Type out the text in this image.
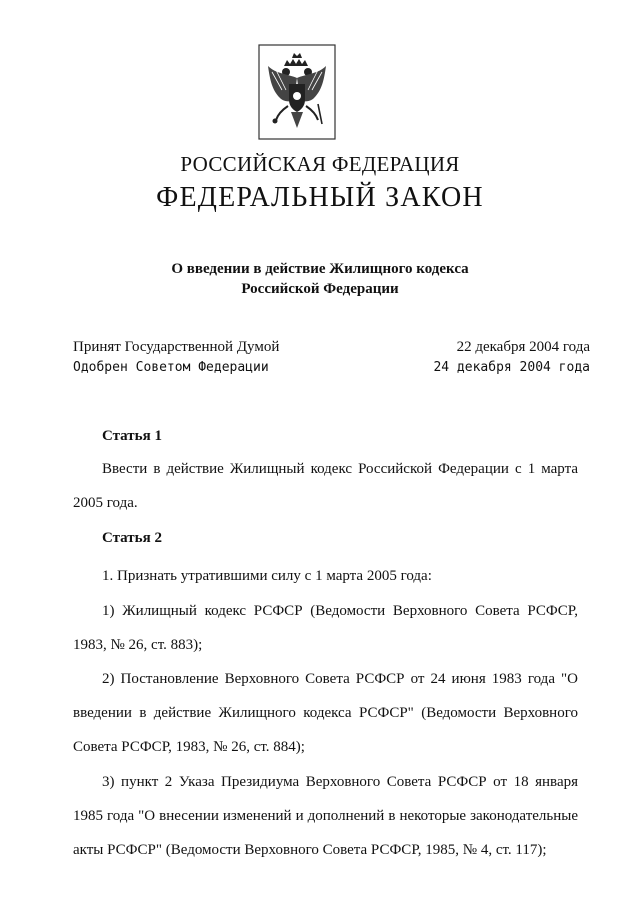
РОССИЙСКАЯ ФЕДЕРАЦИЯ
ФЕДЕРАЛЬНЫЙ ЗАКОН
О введении в действие Жилищного кодекса
Российской Федерации
Принят Государственной Думой	22 декабря 2004 года
Одобрен Советом Федерации	24 декабря 2004 года
Статья 1
Ввести в действие Жилищный кодекс Российской Федерации с 1 марта 2005 года.
Статья 2
1. Признать утратившими силу с 1 марта 2005 года:
1) Жилищный кодекс РСФСР (Ведомости Верховного Совета РСФСР, 1983, № 26, ст. 883);
2) Постановление Верховного Совета РСФСР от 24 июня 1983 года "О введении в действие Жилищного кодекса РСФСР" (Ведомости Верховного Совета РСФСР, 1983, № 26, ст. 884);
3) пункт 2 Указа Президиума Верховного Совета РСФСР от 18 января 1985 года "О внесении изменений и дополнений в некоторые законодательные акты РСФСР" (Ведомости Верховного Совета РСФСР, 1985, № 4, ст. 117);
